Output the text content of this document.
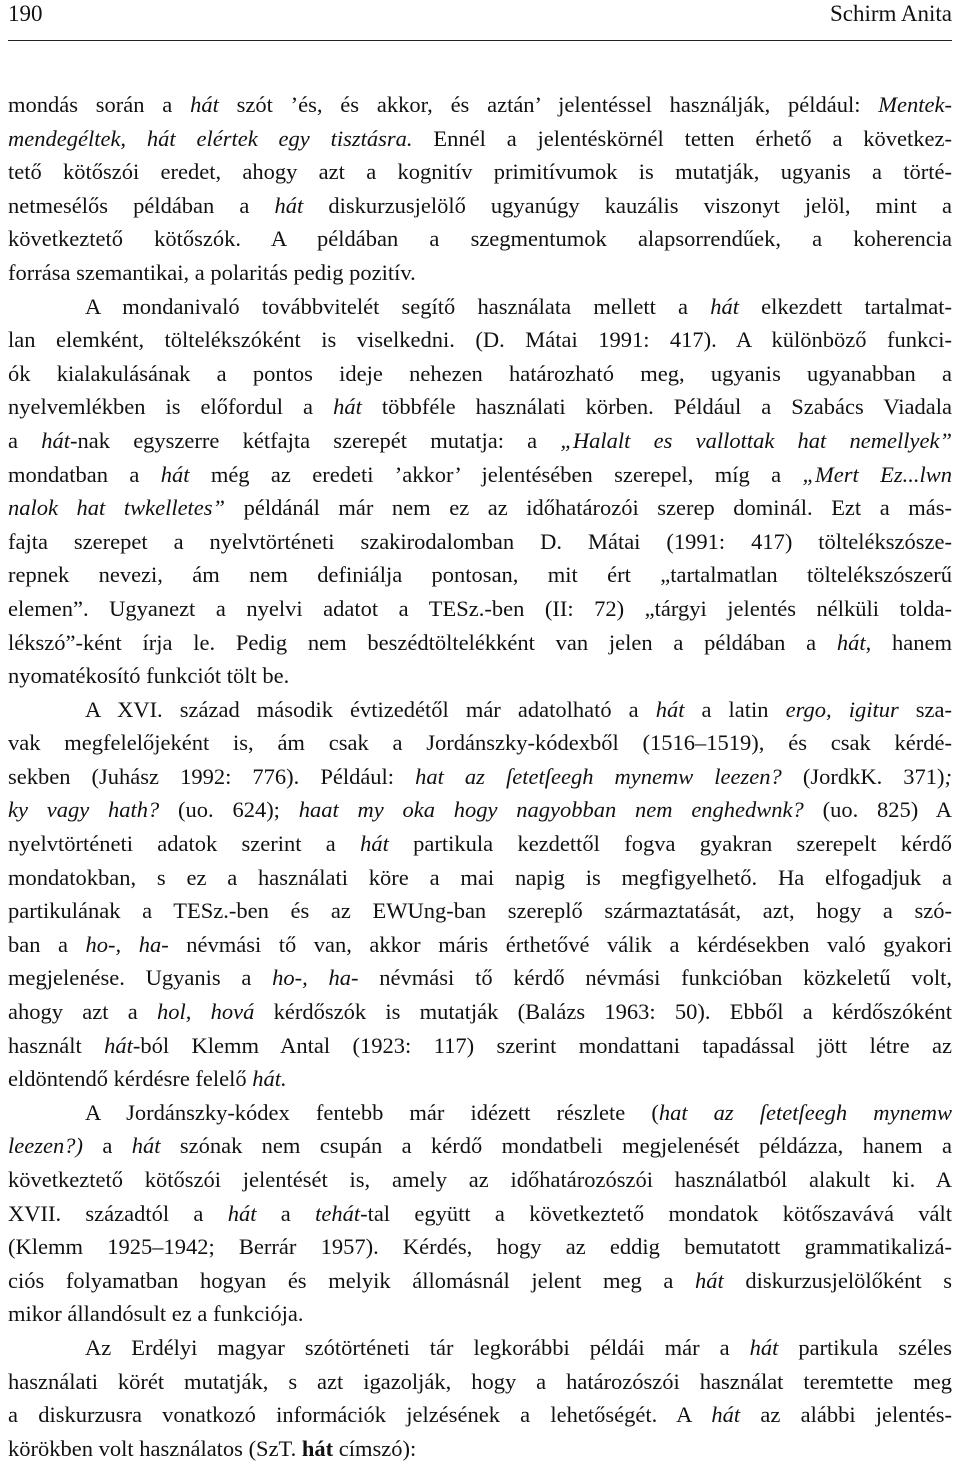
190	Schirm Anita
mondás során a hát szót ’és, és akkor, és aztán’ jelentéssel használják, például: Mentek-
mendegéltek, hát elértek egy tisztásra. Ennél a jelentéskörnél tetten érhető a következ-
tető kötőszói eredet, ahogy azt a kognitív primitívumok is mutatják, ugyanis a törté-
netmesélős példában a hát diskurzusjelölő ugyanúgy kauzális viszonyt jelöl, mint a
következtető kötőszók. A példában a szegmentumok alapsorrendűek, a koherencia
forrása szemantikai, a polaritás pedig pozitív.
A mondanivaló továbbvitelét segítő használata mellett a hát elkezdett tartalmat-
lan elemként, töltelékszóként is viselkedni. (D. Mátai 1991: 417). A különböző funkci-
ók kialakulásának a pontos ideje nehezen határozható meg, ugyanis ugyanabban a
nyelvemlékben is előfordul a hát többféle használati körben. Például a Szabács Viadala
a hát-nak egyszerre kétfajta szerepét mutatja: a „Halalt es vallottak hat nemellyek”
mondatban a hát még az eredeti ’akkor’ jelentésében szerepel, míg a „Mert Ez...lwn
nalok hat twkelletes” példánál már nem ez az időhatározói szerep dominál. Ezt a más-
fajta szerepet a nyelvtörténeti szakirodalomban D. Mátai (1991: 417) töltelékszósze-
repnek nevezi, ám nem definiálja pontosan, mit ért „tartalmatlan töltelékszószerű
elemen”. Ugyanezt a nyelvi adatot a TESz.-ben (II: 72) „tárgyi jelentés nélküli tolda-
lékszó”-ként írja le. Pedig nem beszédtöltelékként van jelen a példában a hát, hanem
nyomatékosító funkciót tölt be.
A XVI. század második évtizedétől már adatolható a hát a latin ergo, igitur sza-
vak megfelelőjeként is, ám csak a Jordánszky-kódexből (1516–1519), és csak kérdé-
sekben (Juhász 1992: 776). Például: hat az ſetetſeegh mynemw leezen? (JordkK. 371);
ky vagy hath? (uo. 624); haat my oka hogy nagyobban nem enghedwnk? (uo. 825) A
nyelvtörténeti adatok szerint a hát partikula kezdettől fogva gyakran szerepelt kérdő
mondatokban, s ez a használati köre a mai napig is megfigyelhető. Ha elfogadjuk a
partikulának a TESz.-ben és az EWUng-ban szereplő származtatását, azt, hogy a szó-
ban a ho-, ha- névmási tő van, akkor máris érthetővé válik a kérdésekben való gyakori
megjelenése. Ugyanis a ho-, ha- névmási tő kérdő névmási funkcióban közkeletű volt,
ahogy azt a hol, hová kérdőszók is mutatják (Balázs 1963: 50). Ebből a kérdőszóként
használt hát-ból Klemm Antal (1923: 117) szerint mondattani tapadással jött létre az
eldöntendő kérdésre felelő hát.
A Jordánszky-kódex fentebb már idézett részlete (hat az ſetetſeegh mynemw
leezen?) a hát szónak nem csupán a kérdő mondatbeli megjelenését példázza, hanem a
következtető kötőszói jelentését is, amely az időhatározószói használatból alakult ki. A
XVII. századtól a hát a tehát-tal együtt a következtető mondatok kötőszavává vált
(Klemm 1925–1942; Berrár 1957). Kérdés, hogy az eddig bemutatott grammatikalizá-
ciós folyamatban hogyan és melyik állomásnál jelent meg a hát diskurzusjelölőként s
mikor állandósult ez a funkciója.
Az Erdélyi magyar szótörténeti tár legkorábbi példái már a hát partikula széles
használati körét mutatják, s azt igazolják, hogy a határozószói használat teremtette meg
a diskurzusra vonatkozó információk jelzésének a lehetőségét. A hát az alábbi jelentés-
körökben volt használatos (SzT. hát címszó):
